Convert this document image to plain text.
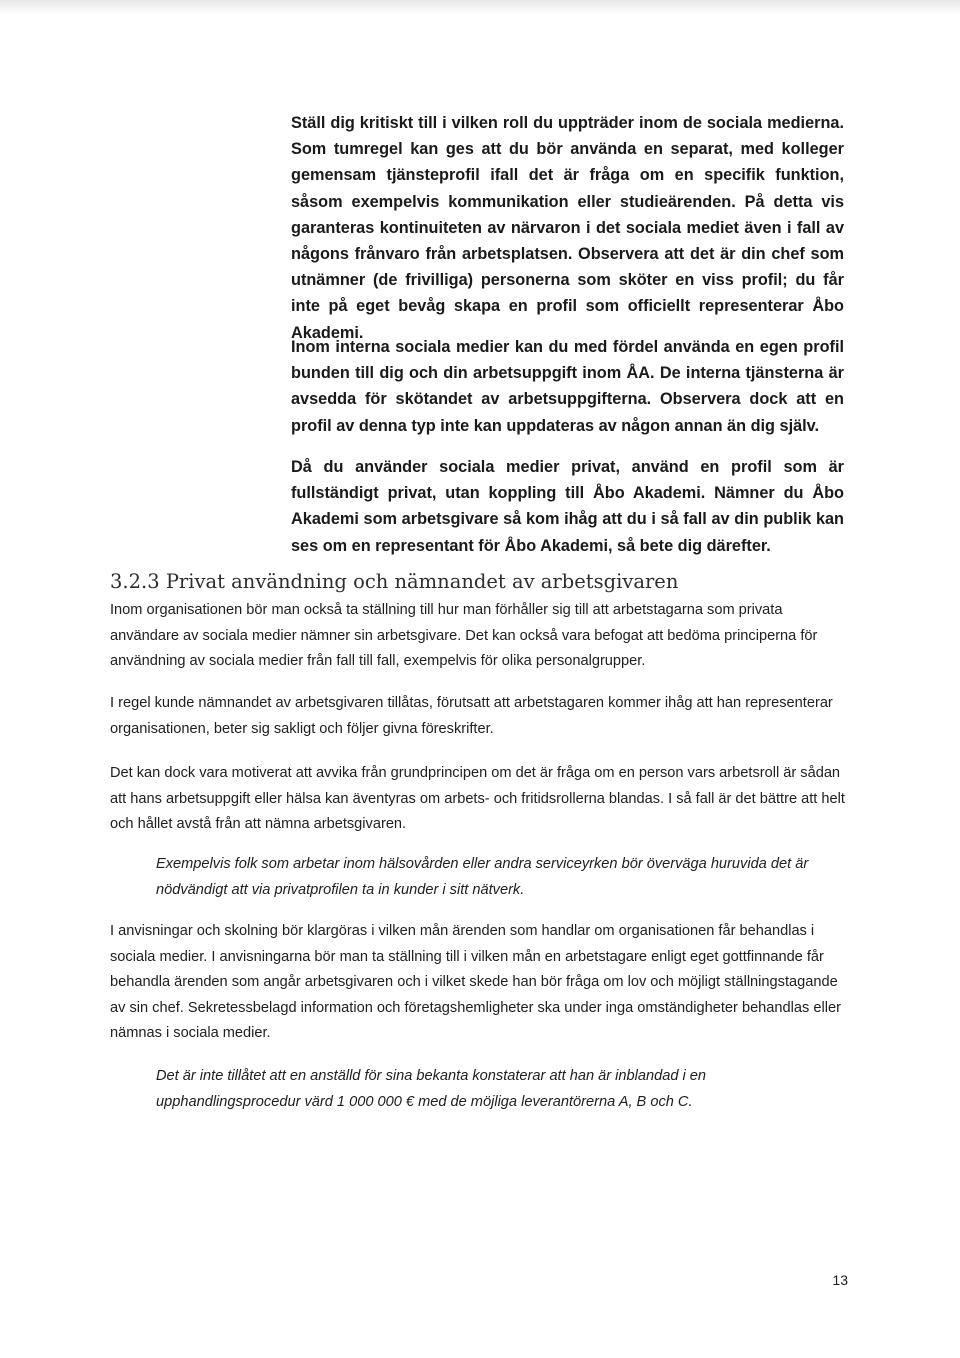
Ställ dig kritiskt till i vilken roll du uppträder inom de sociala medierna. Som tumregel kan ges att du bör använda en separat, med kolleger gemensam tjänsteprofil ifall det är fråga om en specifik funktion, såsom exempelvis kommunikation eller studieärenden. På detta vis garanteras kontinuiteten av närvaron i det sociala mediet även i fall av någons frånvaro från arbetsplatsen. Observera att det är din chef som utnämner (de frivilliga) personerna som sköter en viss profil; du får inte på eget bevåg skapa en profil som officiellt representerar Åbo Akademi.

Inom interna sociala medier kan du med fördel använda en egen profil bunden till dig och din arbetsuppgift inom ÅA. De interna tjänsterna är avsedda för skötandet av arbetsuppgifterna. Observera dock att en profil av denna typ inte kan uppdateras av någon annan än dig själv.

Då du använder sociala medier privat, använd en profil som är fullständigt privat, utan koppling till Åbo Akademi. Nämner du Åbo Akademi som arbetsgivare så kom ihåg att du i så fall av din publik kan ses om en representant för Åbo Akademi, så bete dig därefter.

3.2.3 Privat användning och nämnandet av arbetsgivaren

Inom organisationen bör man också ta ställning till hur man förhåller sig till att arbetstagarna som privata användare av sociala medier nämner sin arbetsgivare. Det kan också vara befogat att bedöma principerna för användning av sociala medier från fall till fall, exempelvis för olika personalgrupper.

I regel kunde nämnandet av arbetsgivaren tillåtas, förutsatt att arbetstagaren kommer ihåg att han representerar organisationen, beter sig sakligt och följer givna föreskrifter.

Det kan dock vara motiverat att avvika från grundprincipen om det är fråga om en person vars arbetsroll är sådan att hans arbetsuppgift eller hälsa kan äventyras om arbets- och fritidsrollerna blandas. I så fall är det bättre att helt och hållet avstå från att nämna arbetsgivaren.

Exempelvis folk som arbetar inom hälsovården eller andra serviceyrken bör överväga huruvida det är nödvändigt att via privatprofilen ta in kunder i sitt nätverk.

I anvisningar och skolning bör klargöras i vilken mån ärenden som handlar om organisationen får behandlas i sociala medier. I anvisningarna bör man ta ställning till i vilken mån en arbetstagare enligt eget gottfinnande får behandla ärenden som angår arbetsgivaren och i vilket skede han bör fråga om lov och möjligt ställningstagande av sin chef. Sekretessbelagd information och företagshemligheter ska under inga omständigheter behandlas eller nämnas i sociala medier.

Det är inte tillåtet att en anställd för sina bekanta konstaterar att han är inblandad i en upphandlingsprocedur värd 1 000 000 € med de möjliga leverantörerna A, B och C.

13
